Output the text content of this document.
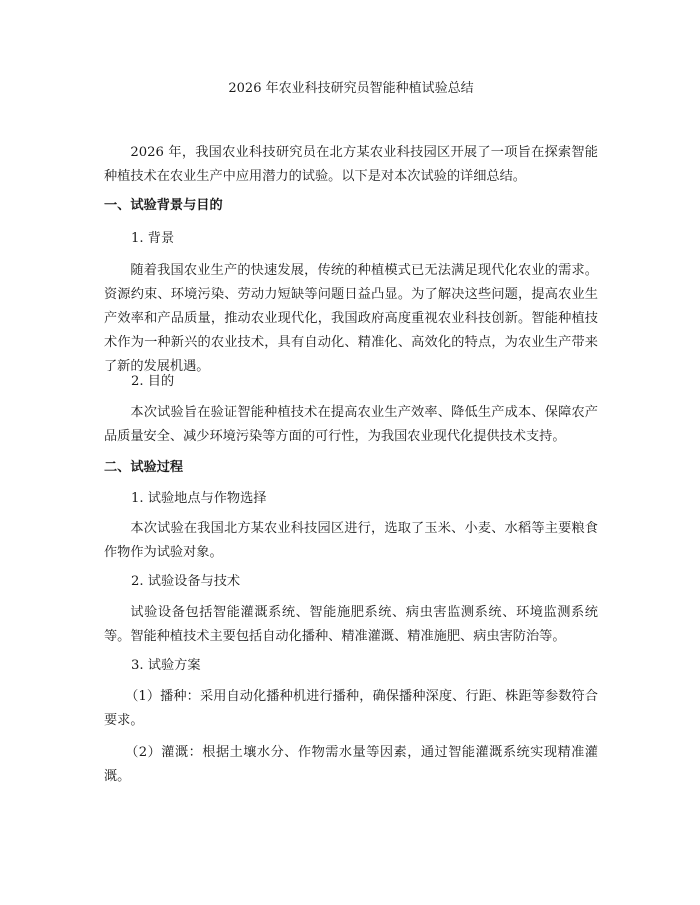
2026 年农业科技研究员智能种植试验总结

2026 年，我国农业科技研究员在北方某农业科技园区开展了一项旨在探索智能种植技术在农业生产中应用潜力的试验。以下是对本次试验的详细总结。

一、试验背景与目的

1. 背景

随着我国农业生产的快速发展，传统的种植模式已无法满足现代化农业的需求。资源约束、环境污染、劳动力短缺等问题日益凸显。为了解决这些问题，提高农业生产效率和产品质量，推动农业现代化，我国政府高度重视农业科技创新。智能种植技术作为一种新兴的农业技术，具有自动化、精准化、高效化的特点，为农业生产带来了新的发展机遇。

2. 目的

本次试验旨在验证智能种植技术在提高农业生产效率、降低生产成本、保障农产品质量安全、减少环境污染等方面的可行性，为我国农业现代化提供技术支持。

二、试验过程

1. 试验地点与作物选择

本次试验在我国北方某农业科技园区进行，选取了玉米、小麦、水稻等主要粮食作物作为试验对象。

2. 试验设备与技术

试验设备包括智能灌溉系统、智能施肥系统、病虫害监测系统、环境监测系统等。智能种植技术主要包括自动化播种、精准灌溉、精准施肥、病虫害防治等。

3. 试验方案

（1）播种：采用自动化播种机进行播种，确保播种深度、行距、株距等参数符合要求。

（2）灌溉：根据土壤水分、作物需水量等因素，通过智能灌溉系统实现精准灌溉。
